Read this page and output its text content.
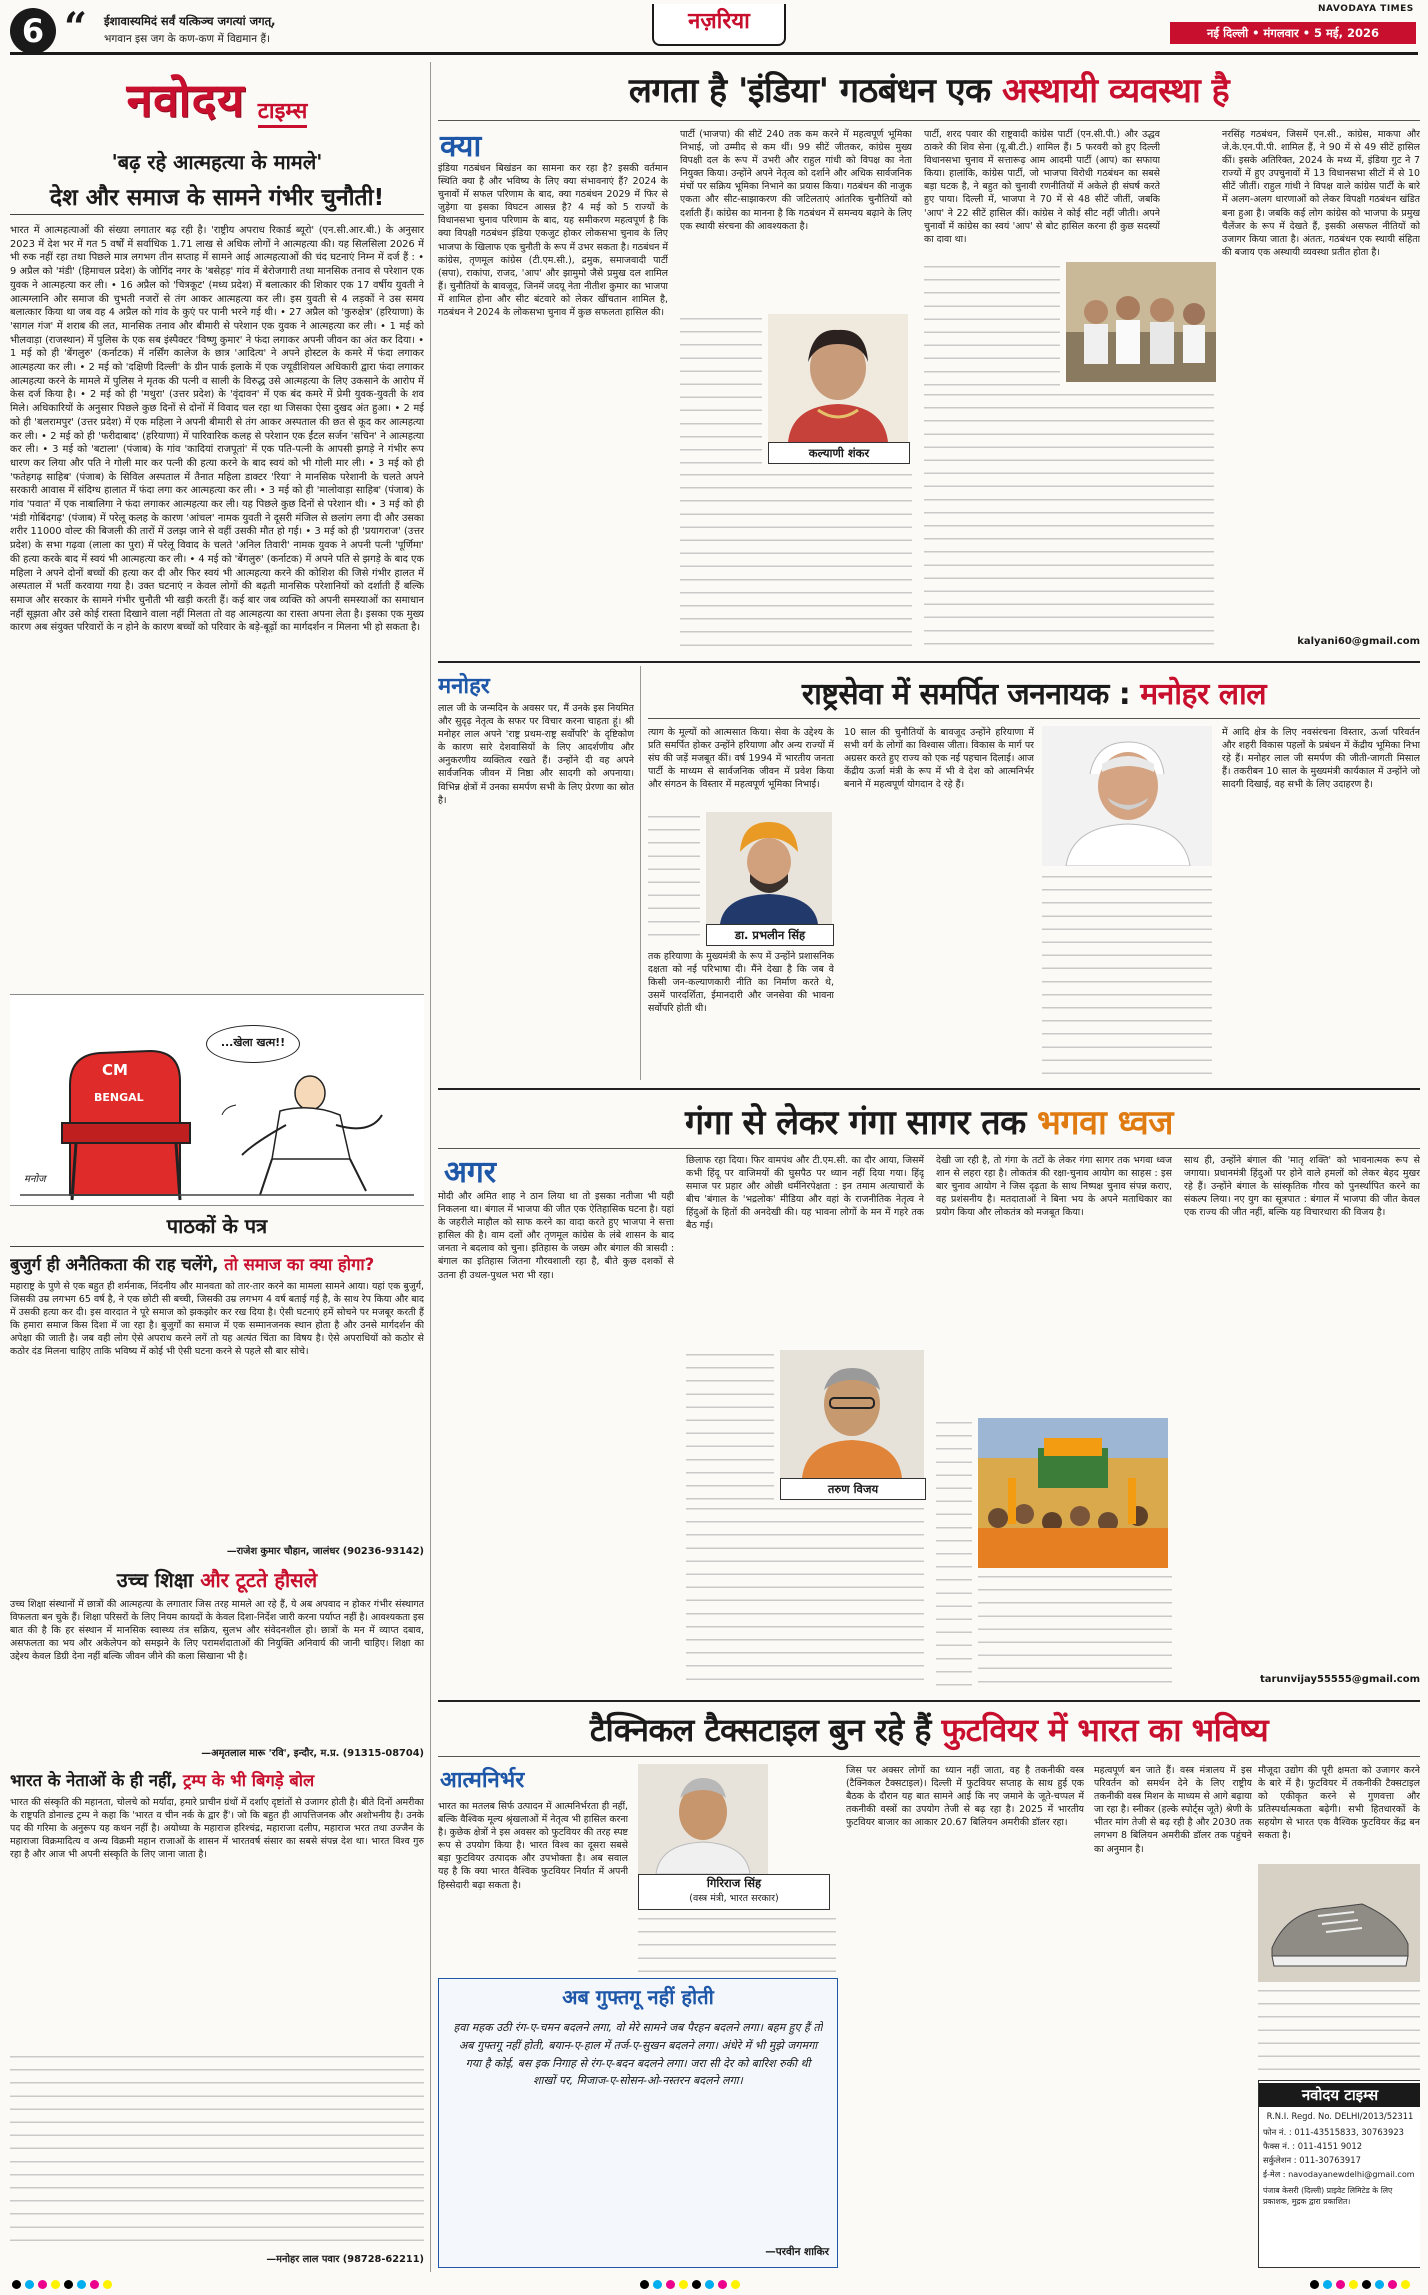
6 “ ईशावास्यमिदं सर्वं यत्किञ्च जगत्यां जगत्,
भगवान इस जग के कण-कण में विद्यमान हैं।
नज़रिया	NAVODAYA TIMES
नई दिल्ली • मंगलवार • 5 मई, 2026
नवोदय टाइम्स
'बढ़ रहे आत्महत्या के मामले'
देश और समाज के सामने गंभीर चुनौती!
भारत में आत्महत्याओं की संख्या लगातार बढ़ रही है। 'राष्ट्रीय अपराध रिकार्ड ब्यूरो' (एन.सी.आर.बी.) के अनुसार 2023 में देश भर में गत 5 वर्षों में सर्वाधिक 1.71 लाख से अधिक लोगों ने आत्महत्या की। यह सिलसिला 2026 में भी रुक नहीं रहा तथा पिछले मात्र लगभग तीन सप्ताह में सामने आई आत्महत्याओं की चंद घटनाएं निम्न में दर्ज हैं : • 9 अप्रैल को 'मंडी' (हिमाचल प्रदेश) के जोगिंद नगर के 'बसेहड़' गांव में बेरोजगारी तथा मानसिक तनाव से परेशान एक युवक ने आत्महत्या कर ली। • 16 अप्रैल को 'चित्रकूट' (मध्य प्रदेश) में बलात्कार की शिकार एक 17 वर्षीय युवती ने आत्मग्लानि और समाज की चुभती नजरों से तंग आकर आत्महत्या कर ली। इस युवती से 4 लड़कों ने उस समय बलात्कार किया था जब वह 4 अप्रैल को गांव के कुएं पर पानी भरने गई थी। • 27 अप्रैल को 'कुरुक्षेत्र' (हरियाणा) के 'सागल गंज' में शराब की लत, मानसिक तनाव और बीमारी से परेशान एक युवक ने आत्महत्या कर ली। • 1 मई को भीलवाड़ा (राजस्थान) में पुलिस के एक सब इंस्पैक्टर 'विष्णु कुमार' ने फंदा लगाकर अपनी जीवन का अंत कर दिया। • 1 मई को ही 'बेंगलुरु' (कर्नाटक) में नर्सिंग कालेज के छात्र 'आदित्य' ने अपने होस्टल के कमरे में फंदा लगाकर आत्महत्या कर ली। • 2 मई को 'दक्षिणी दिल्ली' के ग्रीन पार्क इलाके में एक ज्यूडीशियल अधिकारी द्वारा फंदा लगाकर आत्महत्या करने के मामले में पुलिस ने मृतक की पत्नी व साली के विरुद्ध उसे आत्महत्या के लिए उकसाने के आरोप में केस दर्ज किया है। • 2 मई को ही 'मथुरा' (उत्तर प्रदेश) के 'वृंदावन' में एक बंद कमरे में प्रेमी युवक-युवती के शव मिले। अधिकारियों के अनुसार पिछले कुछ दिनों से दोनों में विवाद चल रहा था जिसका ऐसा दुखद अंत हुआ। • 2 मई को ही 'बलरामपुर' (उत्तर प्रदेश) में एक महिला ने अपनी बीमारी से तंग आकर अस्पताल की छत से कूद कर आत्महत्या कर ली। • 2 मई को ही 'फरीदाबाद' (हरियाणा) में पारिवारिक कलह से परेशान एक ईंटल सर्जन 'सचिन' ने आत्महत्या कर ली। • 3 मई को 'बटाला' (पंजाब) के गांव 'कादियां राजपूतां' में एक पति-पत्नी के आपसी झगड़े ने गंभीर रूप धारण कर लिया और पति ने गोली मार कर पत्नी की हत्या करने के बाद स्वयं को भी गोली मार ली। • 3 मई को ही 'फतेहगढ़ साहिब' (पंजाब) के सिविल अस्पताल में तैनात महिला डाक्टर 'रिया' ने मानसिक परेशानी के चलते अपने सरकारी आवास में संदिग्ध हालात में फंदा लगा कर आत्महत्या कर ली। • 3 मई को ही 'मालोवाड़ा साहिब' (पंजाब) के गांव 'पवात' में एक नाबालिगा ने फंदा लगाकर आत्महत्या कर ली। यह पिछले कुछ दिनों से परेशान थी। • 3 मई को ही 'मंडी गोबिंदगढ़' (पंजाब) में परेलू कलह के कारण 'आंचल' नामक युवती ने दूसरी मंजिल से छलांग लगा दी और उसका शरीर 11000 वोल्ट की बिजली की तारों में उलझ जाने से वहीं उसकी मौत हो गई। • 3 मई को ही 'प्रयागराज' (उत्तर प्रदेश) के सभा गढ़वा (लाला का पुरा) में परेलू विवाद के चलते 'अनिल तिवारी' नामक युवक ने अपनी पत्नी 'पूर्णिमा' की हत्या करके बाद में स्वयं भी आत्महत्या कर ली। • 4 मई को 'बेंगलुरु' (कर्नाटक) में अपने पति से झगड़े के बाद एक महिला ने अपने दोनों बच्चों की हत्या कर दी और फिर स्वयं भी आत्महत्या करने की कोशिश की जिसे गंभीर हालत में अस्पताल में भर्ती करवाया गया है। उक्त घटनाएं न केवल लोगों की बढ़ती मानसिक परेशानियों को दर्शाती हैं बल्कि समाज और सरकार के सामने गंभीर चुनौती भी खड़ी करती हैं। कई बार जब व्यक्ति को अपनी समस्याओं का समाधान नहीं सूझता और उसे कोई रास्ता दिखाने वाला नहीं मिलता तो वह आत्महत्या का रास्ता अपना लेता है। इसका एक मुख्य कारण अब संयुक्त परिवारों के न होने के कारण बच्चों को परिवार के बड़े-बूढ़ों का मार्गदर्शन न मिलना भी हो सकता है।
CM
BENGAL
...खेला खत्म!!
मनोज
पाठकों के पत्र
बुजुर्ग ही अनैतिकता की राह चलेंगे, तो समाज का क्या होगा?
महाराष्ट्र के पुणे से एक बहुत ही शर्मनाक, निंदनीय और मानवता को तार-तार करने का मामला सामने आया। यहां एक बुजुर्ग, जिसकी उम्र लगभग 65 वर्ष है, ने एक छोटी सी बच्ची, जिसकी उम्र लगभग 4 वर्ष बताई गई है, के साथ रेप किया और बाद में उसकी हत्या कर दी। इस वारदात ने पूरे समाज को झकझोर कर रख दिया है। ऐसी घटनाएं हमें सोचने पर मजबूर करती हैं कि हमारा समाज किस दिशा में जा रहा है। बुजुर्गों का समाज में एक सम्मानजनक स्थान होता है और उनसे मार्गदर्शन की अपेक्षा की जाती है। जब वही लोग ऐसे अपराध करने लगें तो यह अत्यंत चिंता का विषय है। ऐसे अपराधियों को कठोर से कठोर दंड मिलना चाहिए ताकि भविष्य में कोई भी ऐसी घटना करने से पहले सौ बार सोचे।
—राजेश कुमार चौहान, जालंधर (90236-93142)
उच्च शिक्षा और टूटते हौसले
उच्च शिक्षा संस्थानों में छात्रों की आत्महत्या के लगातार जिस तरह मामले आ रहे हैं, ये अब अपवाद न होकर गंभीर संस्थागत विफलता बन चुके हैं। शिक्षा परिसरों के लिए नियम कायदों के केवल दिशा-निर्देश जारी करना पर्याप्त नहीं है। आवश्यकता इस बात की है कि हर संस्थान में मानसिक स्वास्थ्य तंत्र सक्रिय, सुलभ और संवेदनशील हो। छात्रों के मन में व्याप्त दबाव, असफलता का भय और अकेलेपन को समझने के लिए परामर्शदाताओं की नियुक्ति अनिवार्य की जानी चाहिए। शिक्षा का उद्देश्य केवल डिग्री देना नहीं बल्कि जीवन जीने की कला सिखाना भी है।
—अमृतलाल मारू 'रवि', इन्दौर, म.प्र. (91315-08704)
भारत के नेताओं के ही नहीं, ट्रम्प के भी बिगड़े बोल
भारत की संस्कृति की महानता, चोलचे को मर्यादा, हमारे प्राचीन ग्रंथों में दर्शाए दृष्टांतों से उजागर होती है। बीते दिनों अमरीका के राष्ट्रपति डोनाल्ड ट्रम्प ने कहा कि 'भारत व चीन नर्क के द्वार हैं'। जो कि बहुत ही आपत्तिजनक और अशोभनीय है। उनके पद की गरिमा के अनुरूप यह कथन नहीं है। अयोध्या के महाराज हरिश्चंद्र, महाराजा दलीप, महाराज भरत तथा उज्जैन के महाराजा विक्रमादित्य व अन्य विक्रमी महान राजाओं के शासन में भारतवर्ष संसार का सबसे संपन्न देश था। भारत विश्व गुरु रहा है और आज भी अपनी संस्कृति के लिए जाना जाता है।
—मनोहर लाल पवार (98728-62211)
लगता है 'इंडिया' गठबंधन एक अस्थायी व्यवस्था है
क्या
इंडिया गठबंधन बिखंडन का सामना कर रहा है? इसकी वर्तमान स्थिति क्या है और भविष्य के लिए क्या संभावनाएं हैं? 2024 के चुनावों में सफल परिणाम के बाद, क्या गठबंधन 2029 में फिर से जुड़ेगा या इसका विघटन आसन्न है? 4 मई को 5 राज्यों के विधानसभा चुनाव परिणाम के बाद, यह समीकरण महत्वपूर्ण है कि क्या विपक्षी गठबंधन इंडिया एकजुट होकर लोकसभा चुनाव के लिए भाजपा के खिलाफ एक चुनौती के रूप में उभर सकता है। गठबंधन में कांग्रेस, तृणमूल कांग्रेस (टी.एम.सी.), द्रमुक, समाजवादी पार्टी (सपा), राकांपा, राजद, 'आप' और झामुमो जैसे प्रमुख दल शामिल हैं। चुनौतियों के बावजूद, जिनमें जदयू नेता नीतीश कुमार का भाजपा में शामिल होना और सीट बंटवारे को लेकर खींचतान शामिल है, गठबंधन ने 2024 के लोकसभा चुनाव में कुछ सफलता हासिल की।
पार्टी (भाजपा) की सीटें 240 तक कम करने में महत्वपूर्ण भूमिका निभाई, जो उम्मीद से कम थीं। 99 सीटें जीतकर, कांग्रेस मुख्य विपक्षी दल के रूप में उभरी और राहुल गांधी को विपक्ष का नेता नियुक्त किया। उन्होंने अपने नेतृत्व को दर्शाने और अधिक सार्वजनिक मंचों पर सक्रिय भूमिका निभाने का प्रयास किया। गठबंधन की नाजुक एकता और सीट-साझाकरण की जटिलताएं आंतरिक चुनौतियों को दर्शाती हैं। कांग्रेस का मानना है कि गठबंधन में समन्वय बढ़ाने के लिए एक स्थायी संरचना की आवश्यकता है।
कल्याणी शंकर
पार्टी, शरद पवार की राष्ट्रवादी कांग्रेस पार्टी (एन.सी.पी.) और उद्धव ठाकरे की शिव सेना (यू.बी.टी.) शामिल हैं। 5 फरवरी को हुए दिल्ली विधानसभा चुनाव में सत्तारूढ़ आम आदमी पार्टी (आप) का सफाया किया। हालांकि, कांग्रेस पार्टी, जो भाजपा विरोधी गठबंधन का सबसे बड़ा घटक है, ने बहुत को चुनावी रणनीतियों में अकेले ही संघर्ष करते हुए पाया। दिल्ली में, भाजपा ने 70 में से 48 सीटें जीतीं, जबकि 'आप' ने 22 सीटें हासिल कीं। कांग्रेस ने कोई सीट नहीं जीती। अपने चुनावों में कांग्रेस का स्वयं 'आप' से बोट हासिल करना ही कुछ सदस्यों का दावा था।
नरसिंह गठबंधन, जिसमें एन.सी., कांग्रेस, माकपा और जे.के.एन.पी.पी. शामिल हैं, ने 90 में से 49 सीटें हासिल कीं। इसके अतिरिक्त, 2024 के मध्य में, इंडिया गुट ने 7 राज्यों में हुए उपचुनावों में 13 विधानसभा सीटों में से 10 सीटें जीतीं। राहुल गांधी ने विपक्ष वाले कांग्रेस पार्टी के बारे में अलग-अलग धारणाओं को लेकर विपक्षी गठबंधन खंडित बना हुआ है। जबकि कई लोग कांग्रेस को भाजपा के प्रमुख चैलेंजर के रूप में देखते हैं, इसकी असफल नीतियों को उजागर किया जाता है। अंततः, गठबंधन एक स्थायी संहिता की बजाय एक अस्थायी व्यवस्था प्रतीत होता है।
kalyani60@gmail.com
मनोहर
लाल जी के जन्मदिन के अवसर पर, मैं उनके इस नियमित और सुदृढ़ नेतृत्व के सफर पर विचार करना चाहता हूं। श्री मनोहर लाल अपने 'राष्ट्र प्रथम-राष्ट्र सर्वोपरि' के दृष्टिकोण के कारण सारे देशवासियों के लिए आदर्शणीय और अनुकरणीय व्यक्तित्व रखते हैं। उन्होंने दी वह अपने सार्वजनिक जीवन में निष्ठा और सादगी को अपनाया। विभिन्न क्षेत्रों में उनका समर्पण सभी के लिए प्रेरणा का स्रोत है।
राष्ट्रसेवा में समर्पित जननायक : मनोहर लाल
त्याग के मूल्यों को आत्मसात किया। सेवा के उद्देश्य के प्रति समर्पित होकर उन्होंने हरियाणा और अन्य राज्यों में संघ की जड़ें मजबूत कीं। वर्ष 1994 में भारतीय जनता पार्टी के माध्यम से सार्वजनिक जीवन में प्रवेश किया और संगठन के विस्तार में महत्वपूर्ण भूमिका निभाई।
डा. प्रभलीन सिंह
तक हरियाणा के मुख्यमंत्री के रूप में उन्होंने प्रशासनिक दक्षता को नई परिभाषा दी। मैंने देखा है कि जब वे किसी जन-कल्याणकारी नीति का निर्माण करते थे, उसमें पारदर्शिता, ईमानदारी और जनसेवा की भावना सर्वोपरि होती थी।
10 साल की चुनौतियों के बावजूद उन्होंने हरियाणा में सभी वर्ग के लोगों का विश्वास जीता। विकास के मार्ग पर अग्रसर करते हुए राज्य को एक नई पहचान दिलाई। आज केंद्रीय ऊर्जा मंत्री के रूप में भी वे देश को आत्मनिर्भर बनाने में महत्वपूर्ण योगदान दे रहे हैं।
में आदि क्षेत्र के लिए नवसंरचना विस्तार, ऊर्जा परिवर्तन और शहरी विकास पहलों के प्रबंधन में केंद्रीय भूमिका निभा रहे हैं। मनोहर लाल जी समर्पण की जीती-जागती मिसाल हैं। तकरीबन 10 साल के मुख्यमंत्री कार्यकाल में उन्होंने जो सादगी दिखाई, वह सभी के लिए उदाहरण है।
गंगा से लेकर गंगा सागर तक भगवा ध्वज
अगर
मोदी और अमित शाह ने ठान लिया था तो इसका नतीजा भी यही निकलना था। बंगाल में भाजपा की जीत एक ऐतिहासिक घटना है। यहां के जहरीले माहौल को साफ करने का वादा करते हुए भाजपा ने सत्ता हासिल की है। वाम दलों और तृणमूल कांग्रेस के लंबे शासन के बाद जनता ने बदलाव को चुना। इतिहास के जख्म और बंगाल की त्रासदी : बंगाल का इतिहास जितना गौरवशाली रहा है, बीते कुछ दशकों से उतना ही उथल-पुथल भरा भी रहा।
छिलाफ रहा दिया। फिर वामपंथ और टी.एम.सी. का दौर आया, जिसमें कभी हिंदू पर वाजिमयों की घुसपैठ पर ध्यान नहीं दिया गया। हिंदू समाज पर प्रहार और ओछी धर्मनिरपेक्षता : इन तमाम अत्याचारों के बीच 'बंगाल के 'भद्रलोक' मीडिया और वहां के राजनीतिक नेतृत्व ने हिंदुओं के हितों की अनदेखी की। यह भावना लोगों के मन में गहरे तक बैठ गई।
तरुण विजय
देखी जा रही है, तो गंगा के तटों के लेकर गंगा सागर तक भगवा ध्वज शान से लहरा रहा है। लोकतंत्र की रक्षा-चुनाव आयोग का साहस : इस बार चुनाव आयोग ने जिस दृढ़ता के साथ निष्पक्ष चुनाव संपन्न कराए, वह प्रशंसनीय है। मतदाताओं ने बिना भय के अपने मताधिकार का प्रयोग किया और लोकतंत्र को मजबूत किया।
साथ ही, उन्होंने बंगाल की 'मातृ शक्ति' को भावनात्मक रूप से जगाया। प्रधानमंत्री हिंदुओं पर होने वाले हमलों को लेकर बेहद मुखर रहे हैं। उन्होंने बंगाल के सांस्कृतिक गौरव को पुनर्स्थापित करने का संकल्प लिया। नए युग का सूत्रपात : बंगाल में भाजपा की जीत केवल एक राज्य की जीत नहीं, बल्कि यह विचारधारा की विजय है।
tarunvijay55555@gmail.com
टैक्निकल टैक्सटाइल बुन रहे हैं फुटवियर में भारत का भविष्य
आत्मनिर्भर
भारत का मतलब सिर्फ उत्पादन में आत्मनिर्भरता ही नहीं, बल्कि वैश्विक मूल्य श्रृंखलाओं में नेतृत्व भी हासिल करना है। कुछेक क्षेत्रों ने इस अवसर को फुटवियर की तरह स्पष्ट रूप से उपयोग किया है। भारत विश्व का दूसरा सबसे बड़ा फुटवियर उत्पादक और उपभोक्ता है। अब सवाल यह है कि क्या भारत वैश्विक फुटवियर निर्यात में अपनी हिस्सेदारी बढ़ा सकता है।
अब गुफ्तगू नहीं होती
हवा महक उठी रंग-ए-चमन बदलने लगा, वो मेरे सामने जब पैरहन बदलने लगा। बहम हुए हैं तो अब गुफ्तगू नहीं होती, बयान-ए-हाल में तर्ज-ए-सुखन बदलने लगा। अंधेरे में भी मुझे जगमगा गया है कोई, बस इक निगाह से रंग-ए-बदन बदलने लगा। जरा सी देर को बारिश रुकी थी शाखों पर, मिजाज-ए-सोसन-ओ-नस्तरन बदलने लगा।
—परवीन शाकिर
गिरिराज सिंह
(वस्त्र मंत्री, भारत सरकार)
जिस पर अक्सर लोगों का ध्यान नहीं जाता, वह है तकनीकी वस्त्र (टैक्निकल टैक्सटाइल)। दिल्ली में फुटवियर सप्ताह के साथ हुई एक बैठक के दौरान यह बात सामने आई कि नए जमाने के जूते-चप्पल में तकनीकी वस्त्रों का उपयोग तेजी से बढ़ रहा है। 2025 में भारतीय फुटवियर बाजार का आकार 20.67 बिलियन अमरीकी डॉलर रहा।
महत्वपूर्ण बन जाते हैं। वस्त्र मंत्रालय में इस परिवर्तन को समर्थन देने के लिए राष्ट्रीय तकनीकी वस्त्र मिशन के माध्यम से आगे बढ़ाया जा रहा है। स्नीकर (हल्के स्पोर्ट्स जूते) श्रेणी के भीतर मांग तेजी से बढ़ रही है और 2030 तक लगभग 8 बिलियन अमरीकी डॉलर तक पहुंचने का अनुमान है।
मौजूदा उद्योग की पूरी क्षमता को उजागर करने के बारे में है। फुटवियर में तकनीकी टैक्सटाइल को एकीकृत करने से गुणवत्ता और प्रतिस्पर्धात्मकता बढ़ेगी। सभी हितधारकों के सहयोग से भारत एक वैश्विक फुटवियर केंद्र बन सकता है।
नवोदय टाइम्स
R.N.I. Regd. No. DELHI/2013/52311
फोन नं. : 011-43515833, 30763923
फैक्स नं. : 011-4151 9012
सर्कुलेशन : 011-30763917
ई-मेल : navodayanewdelhi@gmail.com
पंजाब केसरी (दिल्ली) प्राइवेट लिमिटेड के लिए प्रकाशक, मुद्रक द्वारा प्रकाशित।
